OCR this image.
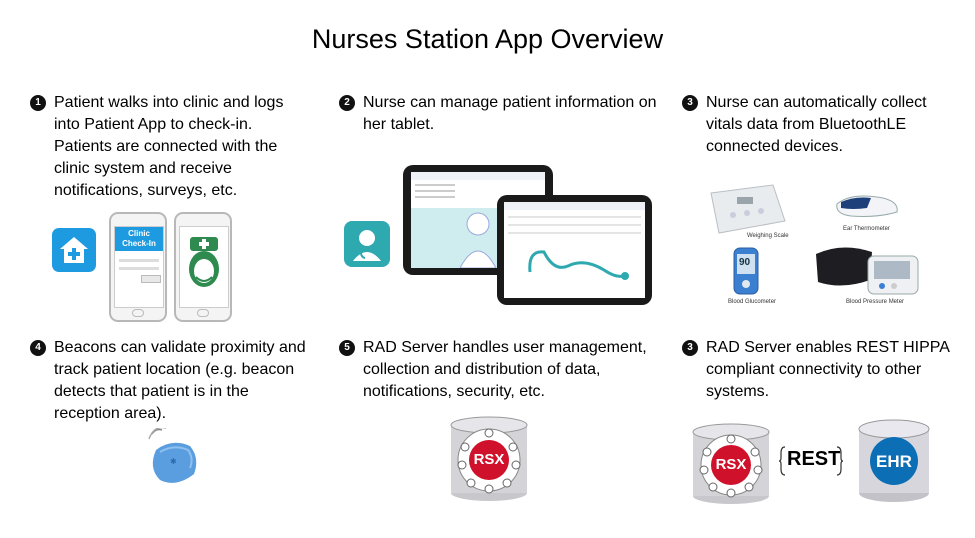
Nurses Station App Overview
1 Patient walks into clinic and logs into Patient App to check-in. Patients are connected with the clinic system and receive notifications, surveys, etc.
2 Nurse can manage patient information on her tablet.
3 Nurse can automatically collect vitals data from BluetoothLE connected devices.
4 Beacons can validate proximity and track patient location (e.g. beacon detects that patient is in the reception area).
5 RAD Server handles user management, collection and distribution of data, notifications, security, etc.
3 RAD Server enables REST HIPPA compliant connectivity to other systems.
Clinic Check-In
Weighing Scale
Ear Thermometer
90
Blood Glucometer	Blood Pressure Meter
✱	RSX	RSX REST	EHR
